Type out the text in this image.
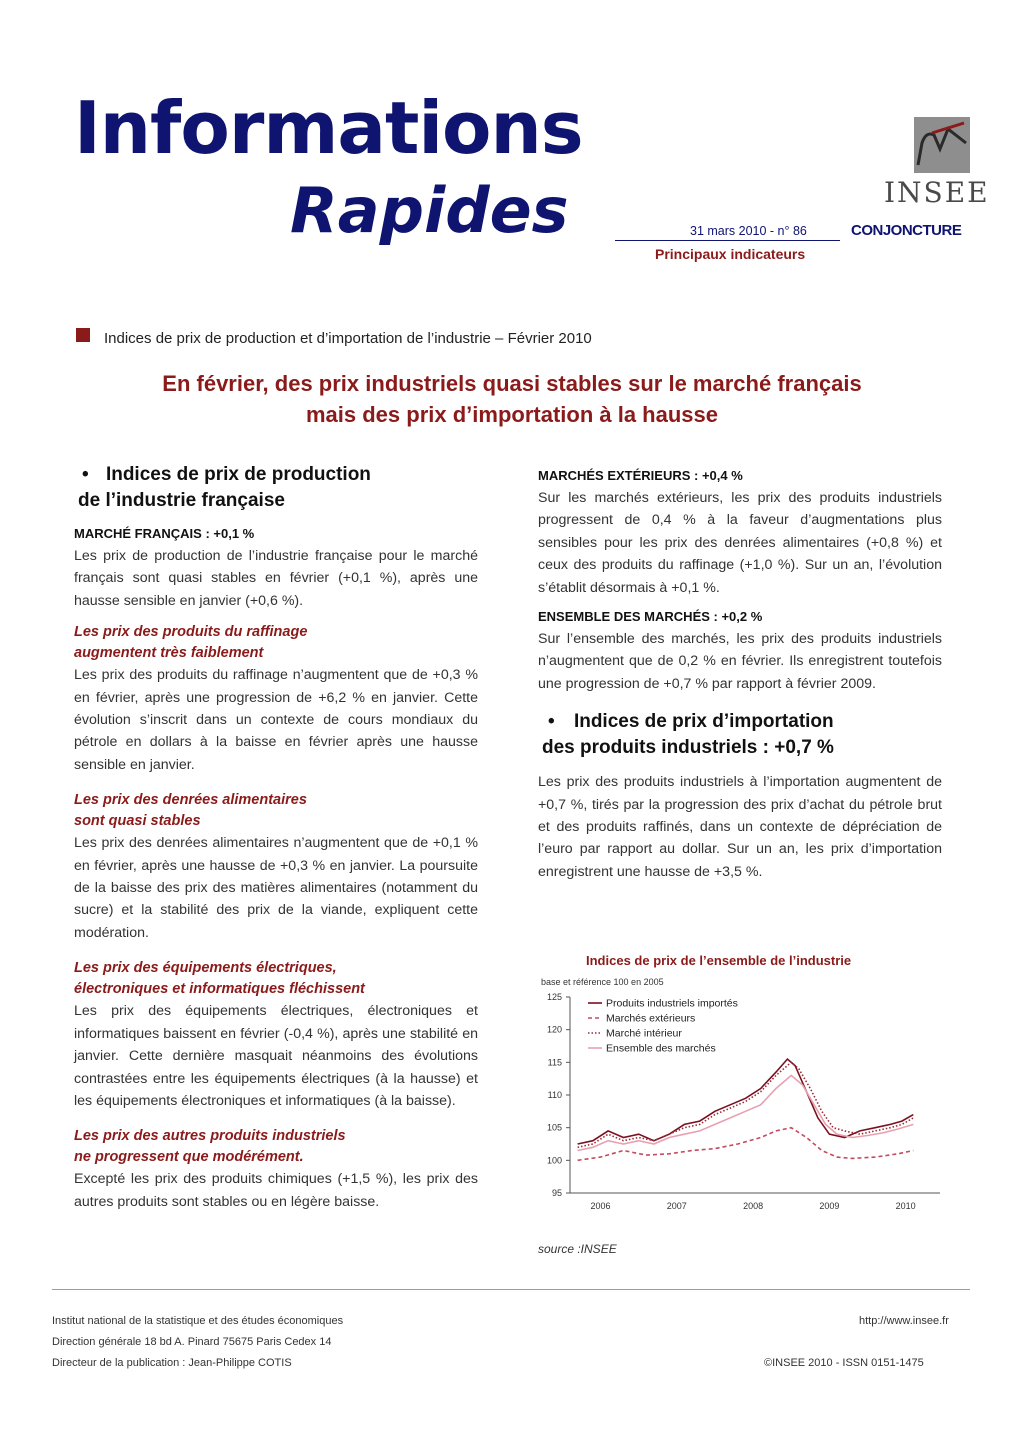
Informations
Rapides	31 mars 2010 - n° 86
Principaux indicateurs
INSEE
CONJONCTURE
Indices de prix de production et d’importation de l’industrie – Février 2010
En février, des prix industriels quasi stables sur le marché français
mais des prix d’importation à la hausse
• Indices de prix de production
de l’industrie française
MARCHÉ FRANÇAIS : +0,1 %
Les prix de production de l’industrie française pour le marché français sont quasi stables en février (+0,1 %), après une hausse sensible en janvier (+0,6 %).
Les prix des produits du raffinage
augmentent très faiblement
Les prix des produits du raffinage n’augmentent que de +0,3 % en février, après une progression de +6,2 % en janvier. Cette évolution s’inscrit dans un contexte de cours mondiaux du pétrole en dollars à la baisse en février après une hausse sensible en janvier.
Les prix des denrées alimentaires
sont quasi stables
Les prix des denrées alimentaires n’augmentent que de +0,1 % en février, après une hausse de +0,3 % en janvier. La poursuite de la baisse des prix des matières alimentaires (notamment du sucre) et la stabilité des prix de la viande, expliquent cette modération.
Les prix des équipements électriques,
électroniques et informatiques fléchissent
Les prix des équipements électriques, électroniques et informatiques baissent en février (-0,4 %), après une stabilité en janvier. Cette dernière masquait néanmoins des évolutions contrastées entre les équipements électriques (à la hausse) et les équipements électroniques et informatiques (à la baisse).
Les prix des autres produits industriels
ne progressent que modérément.
Excepté les prix des produits chimiques (+1,5 %), les prix des autres produits sont stables ou en légère baisse.
MARCHÉS EXTÉRIEURS : +0,4 %
Sur les marchés extérieurs, les prix des produits industriels progressent de 0,4 % à la faveur d’augmentations plus sensibles pour les prix des denrées alimentaires (+0,8 %) et ceux des produits du raffinage (+1,0 %). Sur un an, l’évolution s’établit désormais à +0,1 %.
ENSEMBLE DES MARCHÉS : +0,2 %
Sur l’ensemble des marchés, les prix des produits industriels n’augmentent que de 0,2 % en février. Ils enregistrent toutefois une progression de +0,7 % par rapport à février 2009.
• Indices de prix d’importation
des produits industriels : +0,7 %
Les prix des produits industriels à l’importation augmentent de +0,7 %, tirés par la progression des prix d’achat du pétrole brut et des produits raffinés, dans un contexte de dépréciation de l’euro par rapport au dollar. Sur un an, les prix d’importation enregistrent une hausse de +3,5 %.
Indices de prix de l’ensemble de l’industrie
base et référence 100 en 2005
95
100
105
110
115
120
125
2006	2007	2008	2009	2010
Produits industriels importés
Marchés extérieurs
Marché intérieur
Ensemble des marchés
source :INSEE
Institut national de la statistique et des études économiques
Direction générale 18 bd A. Pinard 75675 Paris Cedex 14
Directeur de la publication : Jean-Philippe COTIS
http://www.insee.fr
©INSEE 2010 - ISSN 0151-1475
